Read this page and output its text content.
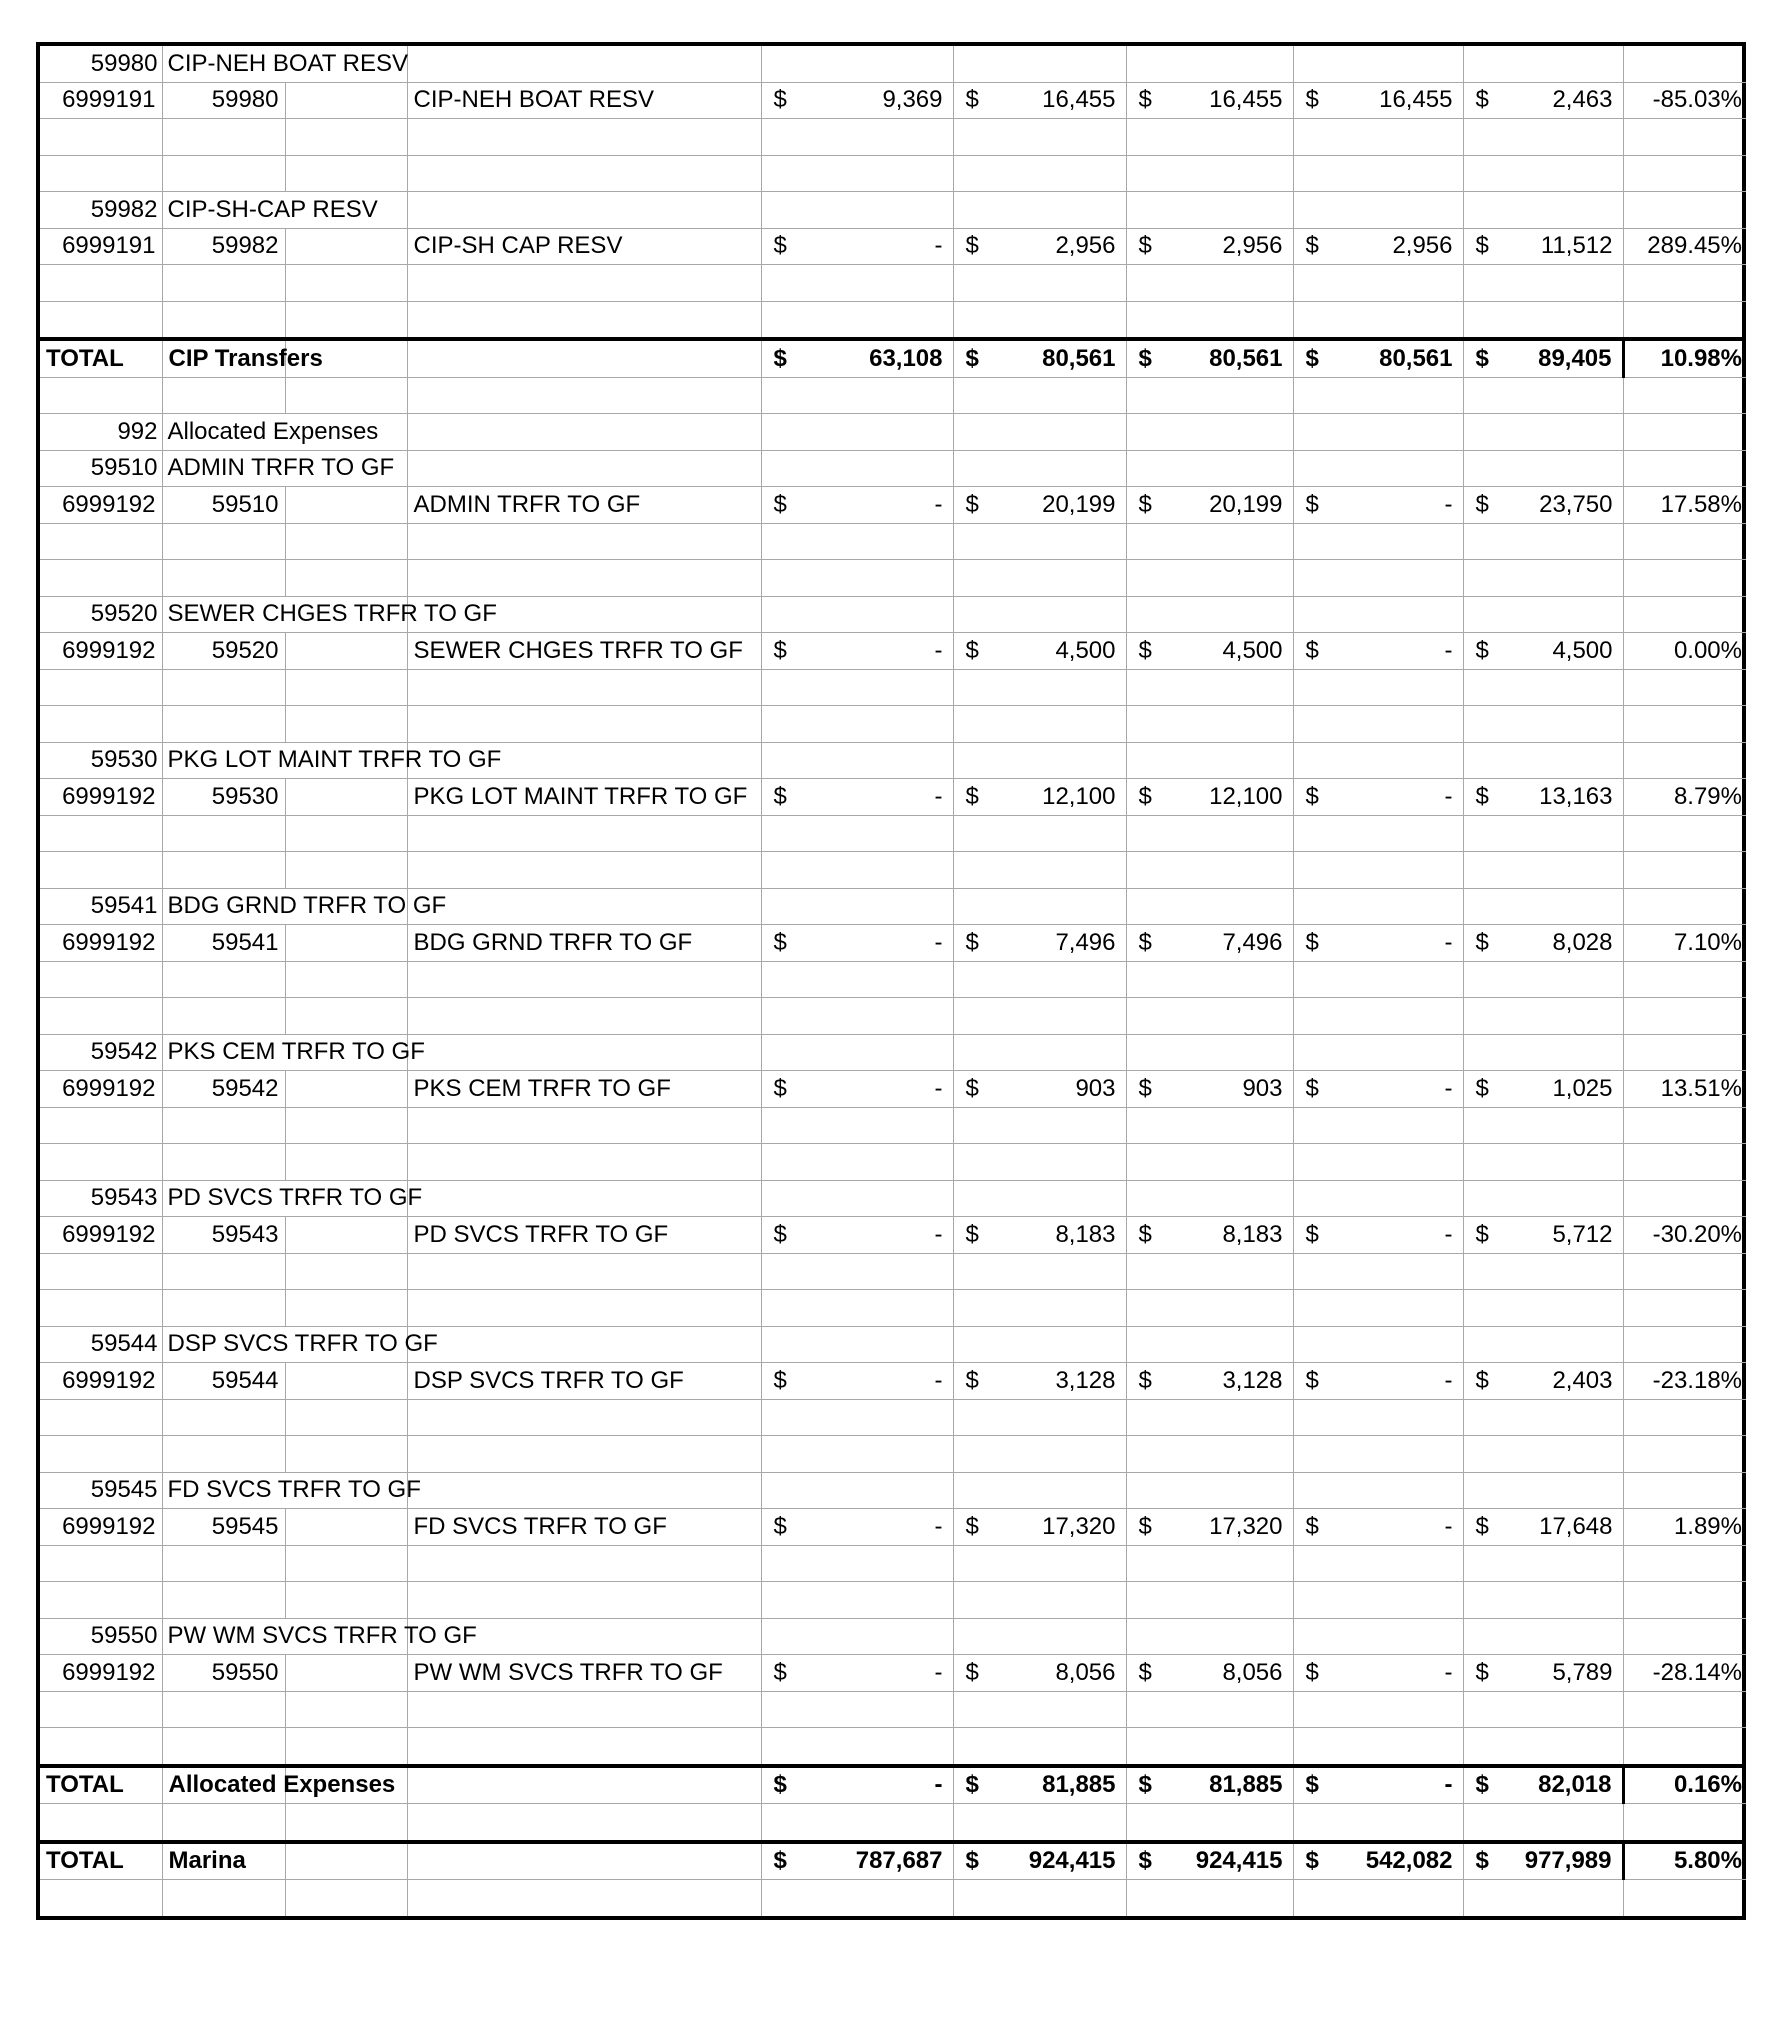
59980	CIP-NEH BOAT RESV								

6999191	59980		CIP-NEH BOAT RESV	$ 9,369	$ 16,455	$ 16,455	$ 16,455	$ 2,463	-85.03%

59982	CIP-SH-CAP RESV								

6999191	59982		CIP-SH CAP RESV	$ -	$ 2,956	$ 2,956	$ 2,956	$ 11,512	289.45%

TOTAL	CIP Transfers			$ 63,108	$ 80,561	$ 80,561	$ 80,561	$ 89,405	10.98%

992	Allocated Expenses								

59510	ADMIN TRFR TO GF								

6999192	59510		ADMIN TRFR TO GF	$ -	$ 20,199	$ 20,199	$ -	$ 23,750	17.58%

59520	SEWER CHGES TRFR TO GF								

6999192	59520		SEWER CHGES TRFR TO GF	$ -	$ 4,500	$ 4,500	$ -	$ 4,500	0.00%

59530	PKG LOT MAINT TRFR TO GF								

6999192	59530		PKG LOT MAINT TRFR TO GF	$ -	$ 12,100	$ 12,100	$ -	$ 13,163	8.79%

59541	BDG GRND TRFR TO GF								

6999192	59541		BDG GRND TRFR TO GF	$ -	$ 7,496	$ 7,496	$ -	$ 8,028	7.10%

59542	PKS CEM TRFR TO GF								

6999192	59542		PKS CEM TRFR TO GF	$ -	$ 903	$ 903	$ -	$ 1,025	13.51%

59543	PD SVCS TRFR TO GF								

6999192	59543		PD SVCS TRFR TO GF	$ -	$ 8,183	$ 8,183	$ -	$ 5,712	-30.20%

59544	DSP SVCS TRFR TO GF								

6999192	59544		DSP SVCS TRFR TO GF	$ -	$ 3,128	$ 3,128	$ -	$ 2,403	-23.18%

59545	FD SVCS TRFR TO GF								

6999192	59545		FD SVCS TRFR TO GF	$ -	$ 17,320	$ 17,320	$ -	$ 17,648	1.89%

59550	PW WM SVCS TRFR TO GF								

6999192	59550		PW WM SVCS TRFR TO GF	$ -	$ 8,056	$ 8,056	$ -	$ 5,789	-28.14%

TOTAL	Allocated Expenses			$ -	$ 81,885	$ 81,885	$ -	$ 82,018	0.16%

TOTAL	Marina			$ 787,687	$ 924,415	$ 924,415	$ 542,082	$ 977,989	5.80%
